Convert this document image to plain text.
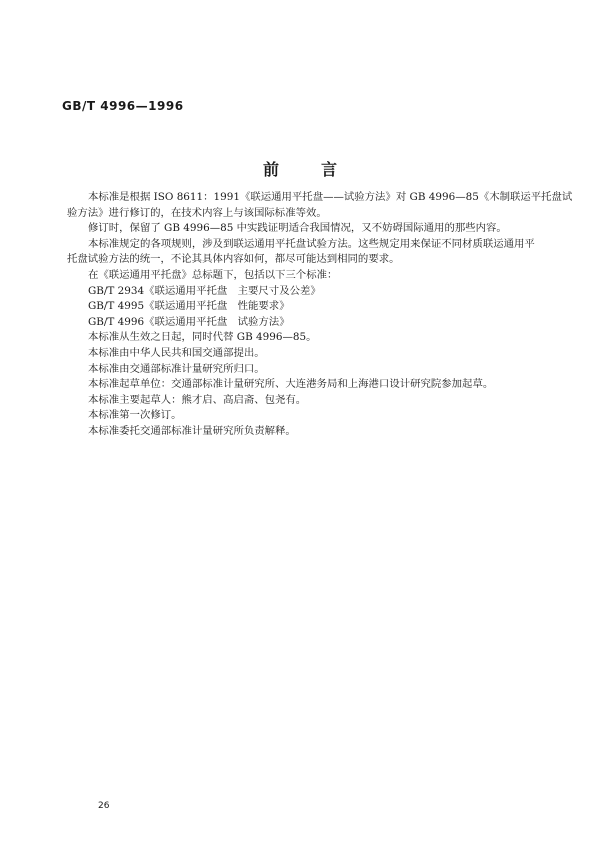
GB/T 4996—1996
前言

本标准是根据 ISO 8611：1991《联运通用平托盘——试验方法》对 GB 4996—85《木制联运平托盘试
验方法》进行修订的，在技术内容上与该国际标准等效。

修订时，保留了 GB 4996—85 中实践证明适合我国情况，又不妨碍国际通用的那些内容。

本标准规定的各项规则，涉及到联运通用平托盘试验方法。这些规定用来保证不同材质联运通用平
托盘试验方法的统一，不论其具体内容如何，都尽可能达到相同的要求。

在《联运通用平托盘》总标题下，包括以下三个标准：

GB/T 2934《联运通用平托盘　主要尺寸及公差》

GB/T 4995《联运通用平托盘　性能要求》

GB/T 4996《联运通用平托盘　试验方法》

本标准从生效之日起，同时代替 GB 4996—85。

本标准由中华人民共和国交通部提出。

本标准由交通部标准计量研究所归口。

本标准起草单位：交通部标准计量研究所、大连港务局和上海港口设计研究院参加起草。

本标准主要起草人：熊才启、高启斋、包尧有。

本标准第一次修订。

本标准委托交通部标准计量研究所负责解释。

26
